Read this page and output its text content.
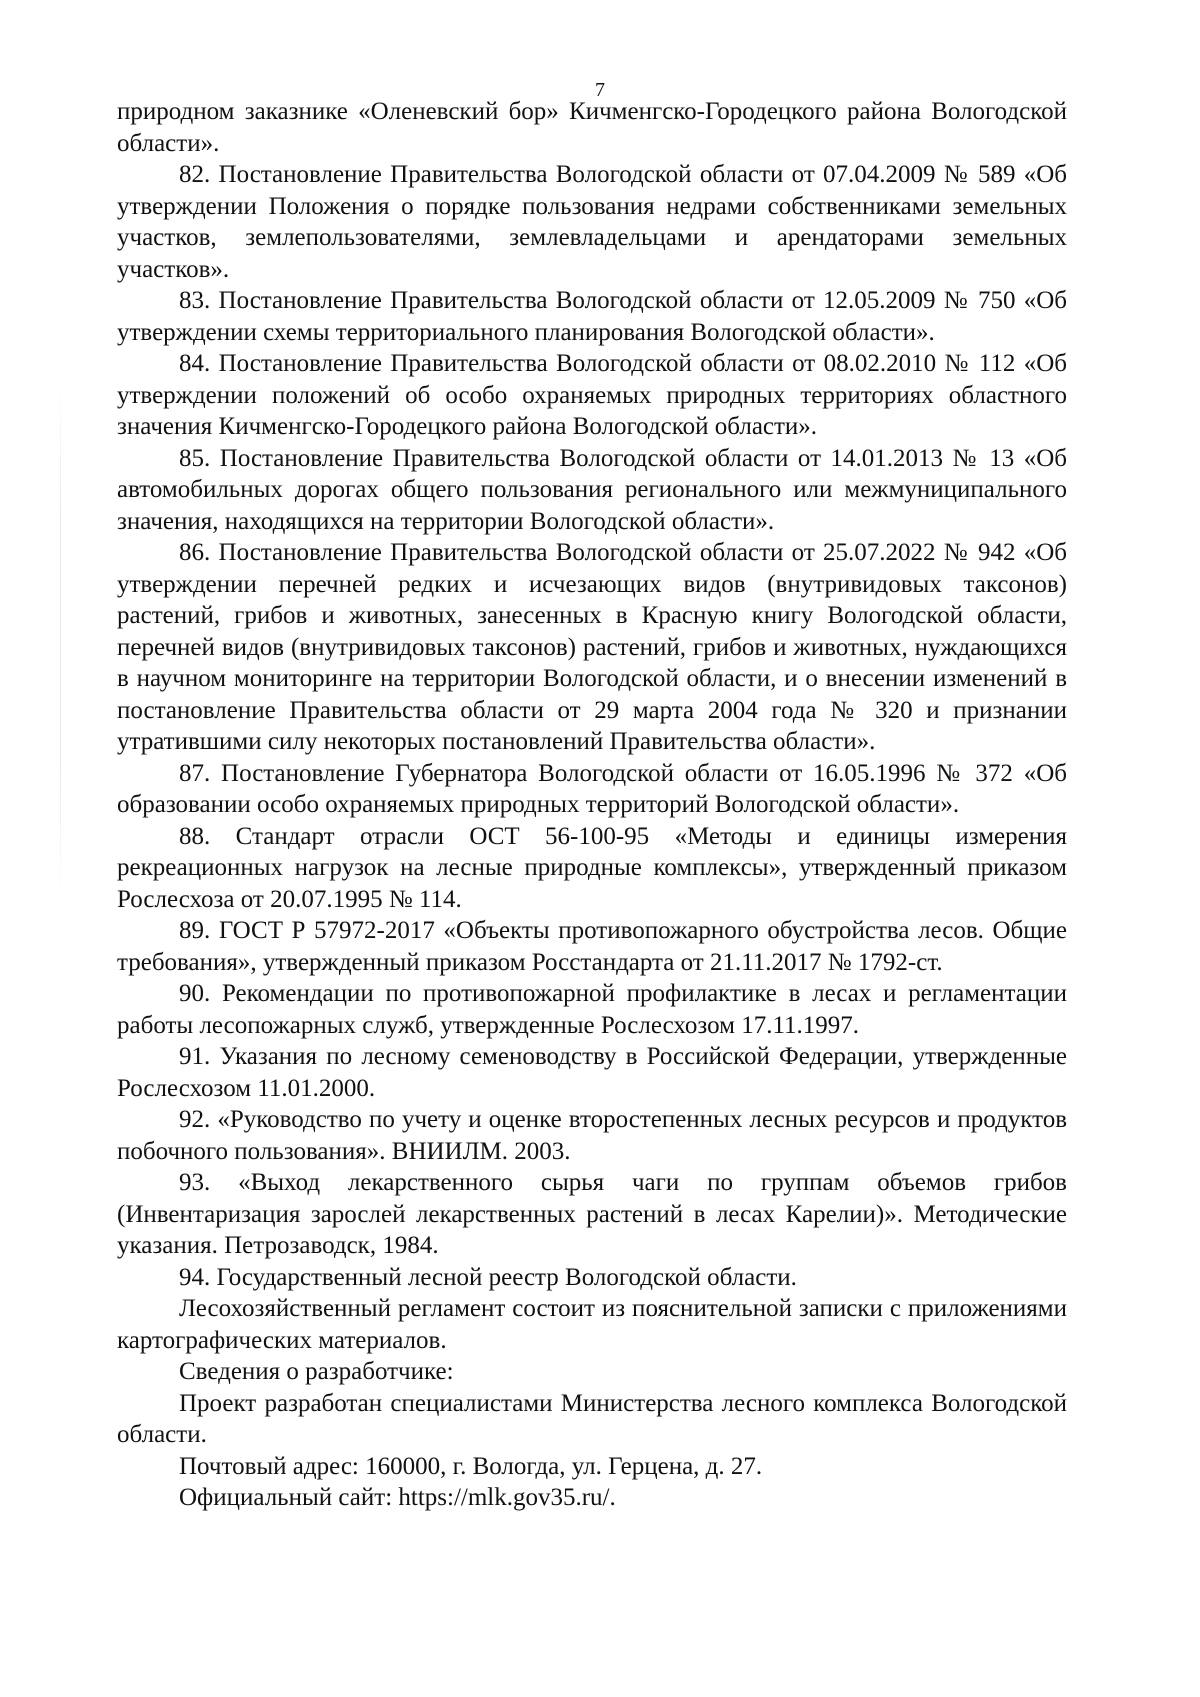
7

природном заказнике «Оленевский бор» Кичменгско-Городецкого района Вологодской области».

82. Постановление Правительства Вологодской области от 07.04.2009 № 589 «Об утверждении Положения о порядке пользования недрами собственниками земельных участков, землепользователями, землевладельцами и арендаторами земельных участков».

83. Постановление Правительства Вологодской области от 12.05.2009 № 750 «Об утверждении схемы территориального планирования Вологодской области».

84. Постановление Правительства Вологодской области от 08.02.2010 № 112 «Об утверждении положений об особо охраняемых природных территориях областного значения Кичменгско-Городецкого района Вологодской области».

85. Постановление Правительства Вологодской области от 14.01.2013 № 13 «Об автомобильных дорогах общего пользования регионального или межмуниципального значения, находящихся на территории Вологодской области».

86. Постановление Правительства Вологодской области от 25.07.2022 № 942 «Об утверждении перечней редких и исчезающих видов (внутривидовых таксонов) растений, грибов и животных, занесенных в Красную книгу Вологодской области, перечней видов (внутривидовых таксонов) растений, грибов и животных, нуждающихся в научном мониторинге на территории Вологодской области, и о внесении изменений в постановление Правительства области от 29 марта 2004 года № 320 и признании утратившими силу некоторых постановлений Правительства области».

87. Постановление Губернатора Вологодской области от 16.05.1996 № 372 «Об образовании особо охраняемых природных территорий Вологодской области».

88. Стандарт отрасли ОСТ 56-100-95 «Методы и единицы измерения рекреационных нагрузок на лесные природные комплексы», утвержденный приказом Рослесхоза от 20.07.1995 № 114.

89. ГОСТ Р 57972-2017 «Объекты противопожарного обустройства лесов. Общие требования», утвержденный приказом Росстандарта от 21.11.2017 № 1792-ст.

90. Рекомендации по противопожарной профилактике в лесах и регламентации работы лесопожарных служб, утвержденные Рослесхозом 17.11.1997.

91. Указания по лесному семеноводству в Российской Федерации, утвержденные Рослесхозом 11.01.2000.

92. «Руководство по учету и оценке второстепенных лесных ресурсов и продуктов побочного пользования». ВНИИЛМ. 2003.

93. «Выход лекарственного сырья чаги по группам объемов грибов (Инвентаризация зарослей лекарственных растений в лесах Карелии)». Методические указания. Петрозаводск, 1984.

94. Государственный лесной реестр Вологодской области.

Лесохозяйственный регламент состоит из пояснительной записки с приложениями картографических материалов.

Сведения о разработчике:

Проект разработан специалистами Министерства лесного комплекса Вологодской области.

Почтовый адрес: 160000, г. Вологда, ул. Герцена, д. 27.

Официальный сайт: https://mlk.gov35.ru/.
